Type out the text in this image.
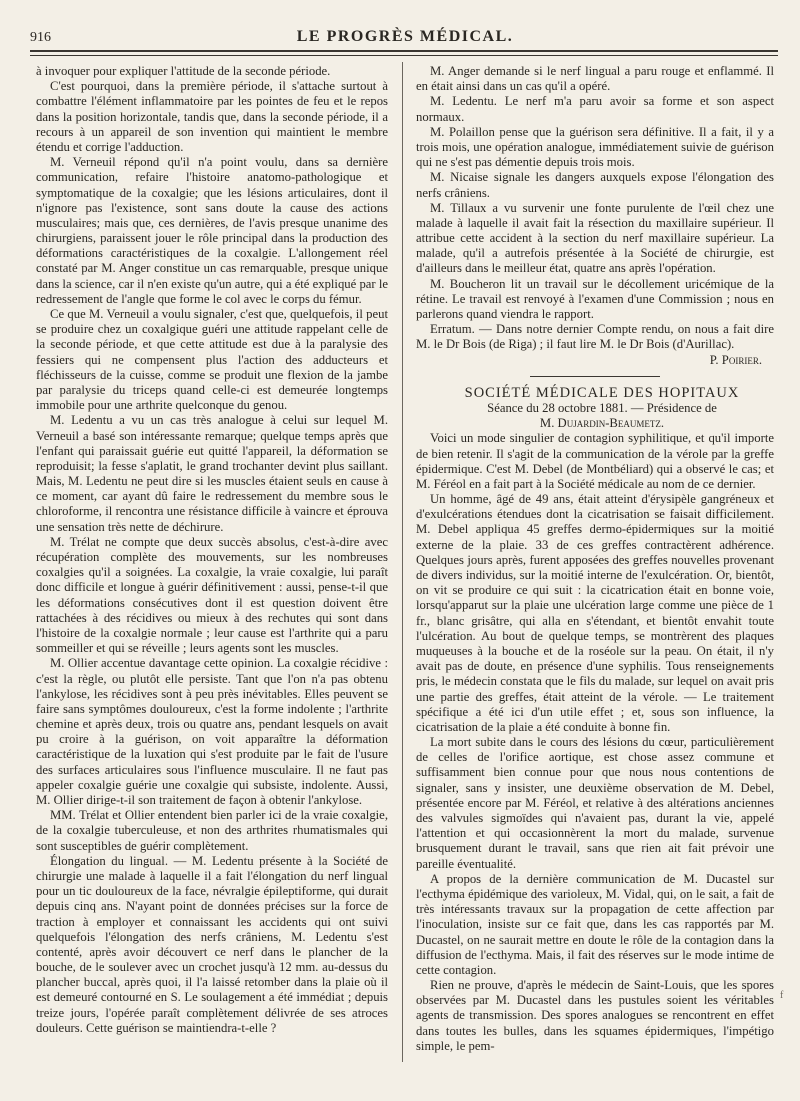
916	LE PROGRÈS MÉDICAL.

à invoquer pour expliquer l'attitude de la seconde période.

C'est pourquoi, dans la première période, il s'attache surtout à combattre l'élément inflammatoire par les pointes de feu et le repos dans la position horizontale, tandis que, dans la seconde période, il a recours à un appareil de son invention qui maintient le membre étendu et corrige l'adduction.

M. Verneuil répond qu'il n'a point voulu, dans sa dernière communication, refaire l'histoire anatomo-pathologique et symptomatique de la coxalgie; que les lésions articulaires, dont il n'ignore pas l'existence, sont sans doute la cause des actions musculaires; mais que, ces dernières, de l'avis presque unanime des chirurgiens, paraissent jouer le rôle principal dans la production des déformations caractéristiques de la coxalgie. L'allongement réel constaté par M. Anger constitue un cas remarquable, presque unique dans la science, car il n'en existe qu'un autre, qui a été expliqué par le redressement de l'angle que forme le col avec le corps du fémur.

Ce que M. Verneuil a voulu signaler, c'est que, quelquefois, il peut se produire chez un coxalgique guéri une attitude rappelant celle de la seconde période, et que cette attitude est due à la paralysie des fessiers qui ne compensent plus l'action des adducteurs et fléchisseurs de la cuisse, comme se produit une flexion de la jambe par paralysie du triceps quand celle-ci est demeurée longtemps immobile pour une arthrite quelconque du genou.

M. Ledentu a vu un cas très analogue à celui sur lequel M. Verneuil a basé son intéressante remarque; quelque temps après que l'enfant qui paraissait guérie eut quitté l'appareil, la déformation se reproduisit; la fesse s'aplatit, le grand trochanter devint plus saillant. Mais, M. Ledentu ne peut dire si les muscles étaient seuls en cause à ce moment, car ayant dû faire le redressement du membre sous le chloroforme, il rencontra une résistance difficile à vaincre et éprouva une sensation très nette de déchirure.

M. Trélat ne compte que deux succès absolus, c'est-à-dire avec récupération complète des mouvements, sur les nombreuses coxalgies qu'il a soignées. La coxalgie, la vraie coxalgie, lui paraît donc difficile et longue à guérir définitivement : aussi, pense-t-il que les déformations consécutives dont il est question doivent être rattachées à des récidives ou mieux à des rechutes qui sont dans l'histoire de la coxalgie normale ; leur cause est l'arthrite qui a paru sommeiller et qui se réveille ; leurs agents sont les muscles.

M. Ollier accentue davantage cette opinion. La coxalgie récidive : c'est la règle, ou plutôt elle persiste. Tant que l'on n'a pas obtenu l'ankylose, les récidives sont à peu près inévitables. Elles peuvent se faire sans symptômes douloureux, c'est la forme indolente ; l'arthrite chemine et après deux, trois ou quatre ans, pendant lesquels on avait pu croire à la guérison, on voit apparaître la déformation caractéristique de la luxation qui s'est produite par le fait de l'usure des surfaces articulaires sous l'influence musculaire. Il ne faut pas appeler coxalgie guérie une coxalgie qui subsiste, indolente. Aussi, M. Ollier dirige-t-il son traitement de façon à obtenir l'ankylose.

MM. Trélat et Ollier entendent bien parler ici de la vraie coxalgie, de la coxalgie tuberculeuse, et non des arthrites rhumatismales qui sont susceptibles de guérir complètement.

Élongation du lingual. — M. Ledentu présente à la Société de chirurgie une malade à laquelle il a fait l'élongation du nerf lingual pour un tic douloureux de la face, névralgie épileptiforme, qui durait depuis cinq ans. N'ayant point de données précises sur la force de traction à employer et connaissant les accidents qui ont suivi quelquefois l'élongation des nerfs crâniens, M. Ledentu s'est contenté, après avoir découvert ce nerf dans le plancher de la bouche, de le soulever avec un crochet jusqu'à 12 mm. au-dessus du plancher buccal, après quoi, il l'a laissé retomber dans la plaie où il est demeuré contourné en S. Le soulagement a été immédiat ; depuis treize jours, l'opérée paraît complètement délivrée de ses atroces douleurs. Cette guérison se maintiendra-t-elle ?

M. Anger demande si le nerf lingual a paru rouge et enflammé. Il en était ainsi dans un cas qu'il a opéré.

M. Ledentu. Le nerf m'a paru avoir sa forme et son aspect normaux.

M. Polaillon pense que la guérison sera définitive. Il a fait, il y a trois mois, une opération analogue, immédiatement suivie de guérison qui ne s'est pas démentie depuis trois mois.

M. Nicaise signale les dangers auxquels expose l'élongation des nerfs crâniens.

M. Tillaux a vu survenir une fonte purulente de l'œil chez une malade à laquelle il avait fait la résection du maxillaire supérieur. Il attribue cette accident à la section du nerf maxillaire supérieur. La malade, qu'il a autrefois présentée à la Société de chirurgie, est d'ailleurs dans le meilleur état, quatre ans après l'opération.

M. Boucheron lit un travail sur le décollement uricémique de la rétine. Le travail est renvoyé à l'examen d'une Commission ; nous en parlerons quand viendra le rapport.

Erratum. — Dans notre dernier Compte rendu, on nous a fait dire M. le Dr Bois (de Riga) ; il faut lire M. le Dr Bois (d'Aurillac).

P. Poirier.

SOCIÉTÉ MÉDICALE DES HOPITAUX

Séance du 28 octobre 1881. — Présidence de

M. Dujardin-Beaumetz.

Voici un mode singulier de contagion syphilitique, et qu'il importe de bien retenir. Il s'agit de la communication de la vérole par la greffe épidermique. C'est M. Debel (de Montbéliard) qui a observé le cas; et M. Féréol en a fait part à la Société médicale au nom de ce dernier.

Un homme, âgé de 49 ans, était atteint d'érysipèle gangréneux et d'exulcérations étendues dont la cicatrisation se faisait difficilement. M. Debel appliqua 45 greffes dermo-épidermiques sur la moitié externe de la plaie. 33 de ces greffes contractèrent adhérence. Quelques jours après, furent apposées des greffes nouvelles provenant de divers individus, sur la moitié interne de l'exulcération. Or, bientôt, on vit se produire ce qui suit : la cicatrication était en bonne voie, lorsqu'apparut sur la plaie une ulcération large comme une pièce de 1 fr., blanc grisâtre, qui alla en s'étendant, et bientôt envahit toute l'ulcération. Au bout de quelque temps, se montrèrent des plaques muqueuses à la bouche et de la roséole sur la peau. On était, il n'y avait pas de doute, en présence d'une syphilis. Tous renseignements pris, le médecin constata que le fils du malade, sur lequel on avait pris une partie des greffes, était atteint de la vérole. — Le traitement spécifique a été ici d'un utile effet ; et, sous son influence, la cicatrisation de la plaie a été conduite à bonne fin.

La mort subite dans le cours des lésions du cœur, particulièrement de celles de l'orifice aortique, est chose assez commune et suffisamment bien connue pour que nous nous contentions de signaler, sans y insister, une deuxième observation de M. Debel, présentée encore par M. Féréol, et relative à des altérations anciennes des valvules sigmoïdes qui n'avaient pas, durant la vie, appelé l'attention et qui occasionnèrent la mort du malade, survenue brusquement durant le travail, sans que rien ait fait prévoir une pareille éventualité.

A propos de la dernière communication de M. Ducastel sur l'ecthyma épidémique des varioleux, M. Vidal, qui, on le sait, a fait de très intéressants travaux sur la propagation de cette affection par l'inoculation, insiste sur ce fait que, dans les cas rapportés par M. Ducastel, on ne saurait mettre en doute le rôle de la contagion dans la diffusion de l'ecthyma. Mais, il fait des réserves sur le mode intime de cette contagion.

Rien ne prouve, d'après le médecin de Saint-Louis, que les spores observées par M. Ducastel dans les pustules soient les véritables agents de transmission. Des spores analogues se rencontrent en effet dans toutes les bulles, dans les squames épidermiques, l'impétigo simple, le pem-

f
